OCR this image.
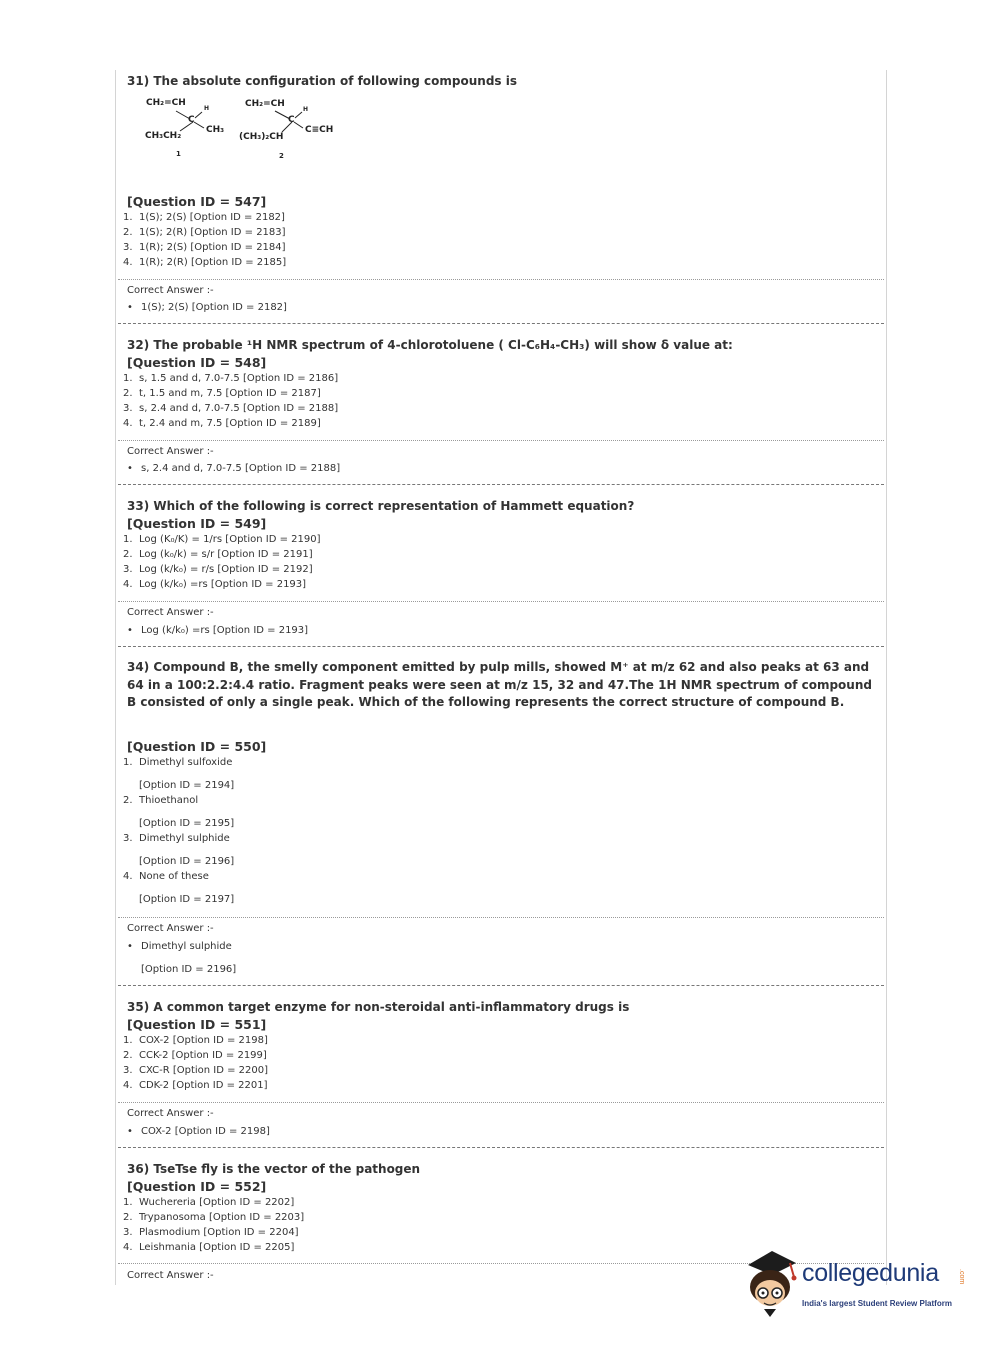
31) The absolute configuration of following compounds is

CH₂=CH
C
H
CH₃
CH₃CH₂
1
CH₂=CH
C
H
C≡CH
(CH₃)₂CH
2
[Question ID = 547]
1. 1(S); 2(S) [Option ID = 2182]
2. 1(S); 2(R) [Option ID = 2183]
3. 1(R); 2(S) [Option ID = 2184]
4. 1(R); 2(R) [Option ID = 2185]
Correct Answer :-
• 1(S); 2(S) [Option ID = 2182]

32) The probable ¹H NMR spectrum of 4-chlorotoluene ( Cl-C₆H₄-CH₃) will show δ value at:

[Question ID = 548]
1. s, 1.5 and d, 7.0-7.5 [Option ID = 2186]
2. t, 1.5 and m, 7.5 [Option ID = 2187]
3. s, 2.4 and d, 7.0-7.5 [Option ID = 2188]
4. t, 2.4 and m, 7.5 [Option ID = 2189]
Correct Answer :-
• s, 2.4 and d, 7.0-7.5 [Option ID = 2188]

33) Which of the following is correct representation of Hammett equation?

[Question ID = 549]
1. Log (K₀/K) = 1/rs [Option ID = 2190]
2. Log (k₀/k) = s/r [Option ID = 2191]
3. Log (k/k₀) = r/s [Option ID = 2192]
4. Log (k/k₀) =rs [Option ID = 2193]
Correct Answer :-
• Log (k/k₀) =rs [Option ID = 2193]

34) Compound B, the smelly component emitted by pulp mills, showed M⁺ at m/z 62 and also peaks at 63 and 64 in a 100:2.2:4.4 ratio. Fragment peaks were seen at m/z 15, 32 and 47.The 1H NMR spectrum of compound B consisted of only a single peak. Which of the following represents the correct structure of compound B.

[Question ID = 550]
1. Dimethyl sulfoxide
[Option ID = 2194]
2. Thioethanol
[Option ID = 2195]
3. Dimethyl sulphide
[Option ID = 2196]
4. None of these
[Option ID = 2197]
Correct Answer :-
• Dimethyl sulphide
[Option ID = 2196]

35) A common target enzyme for non-steroidal anti-inflammatory drugs is

[Question ID = 551]
1. COX-2 [Option ID = 2198]
2. CCK-2 [Option ID = 2199]
3. CXC-R [Option ID = 2200]
4. CDK-2 [Option ID = 2201]
Correct Answer :-
• COX-2 [Option ID = 2198]

36) TseTse fly is the vector of the pathogen

[Question ID = 552]
1. Wuchereria [Option ID = 2202]
2. Trypanosoma [Option ID = 2203]
3. Plasmodium [Option ID = 2204]
4. Leishmania [Option ID = 2205]
Correct Answer :-	collegedunia	.com
India's largest Student Review Platform
